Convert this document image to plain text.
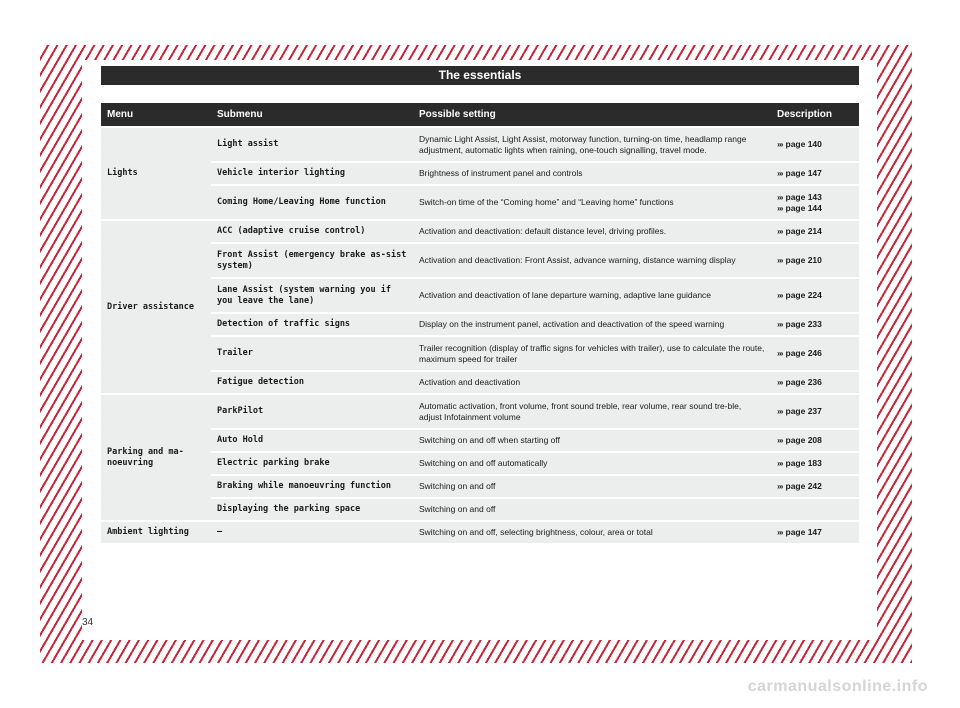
The essentials
Menu	Submenu	Possible setting	Description
Lights	Light assist	Dynamic Light Assist, Light Assist, motorway function, turning-on time, headlamp range adjustment, automatic lights when raining, one-touch signalling, travel mode.	››› page 140

	Vehicle interior lighting	Brightness of instrument panel and controls	››› page 147

	Coming Home/Leaving Home function	Switch-on time of the “Coming home” and “Leaving home” functions	››› page 143
››› page 144

Driver assistance	ACC (adaptive cruise control)	Activation and deactivation: default distance level, driving profiles.	››› page 214

	Front Assist (emergency brake as-sist system)	Activation and deactivation: Front Assist, advance warning, distance warning display	››› page 210

	Lane Assist (system warning you if you leave the lane)	Activation and deactivation of lane departure warning, adaptive lane guidance	››› page 224

	Detection of traffic signs	Display on the instrument panel, activation and deactivation of the speed warning	››› page 233

	Trailer	Trailer recognition (display of traffic signs for vehicles with trailer), use to calculate the route, maximum speed for trailer	››› page 246

	Fatigue detection	Activation and deactivation	››› page 236

Parking and ma-noeuvring	ParkPilot	Automatic activation, front volume, front sound treble, rear volume, rear sound tre-ble, adjust Infotainment volume	››› page 237

	Auto Hold	Switching on and off when starting off	››› page 208

	Electric parking brake	Switching on and off automatically	››› page 183

	Braking while manoeuvring function	Switching on and off	››› page 242

	Displaying the parking space	Switching on and off	
Ambient lighting	–	Switching on and off, selecting brightness, colour, area or total	››› page 147
34
carmanualsonline.info
